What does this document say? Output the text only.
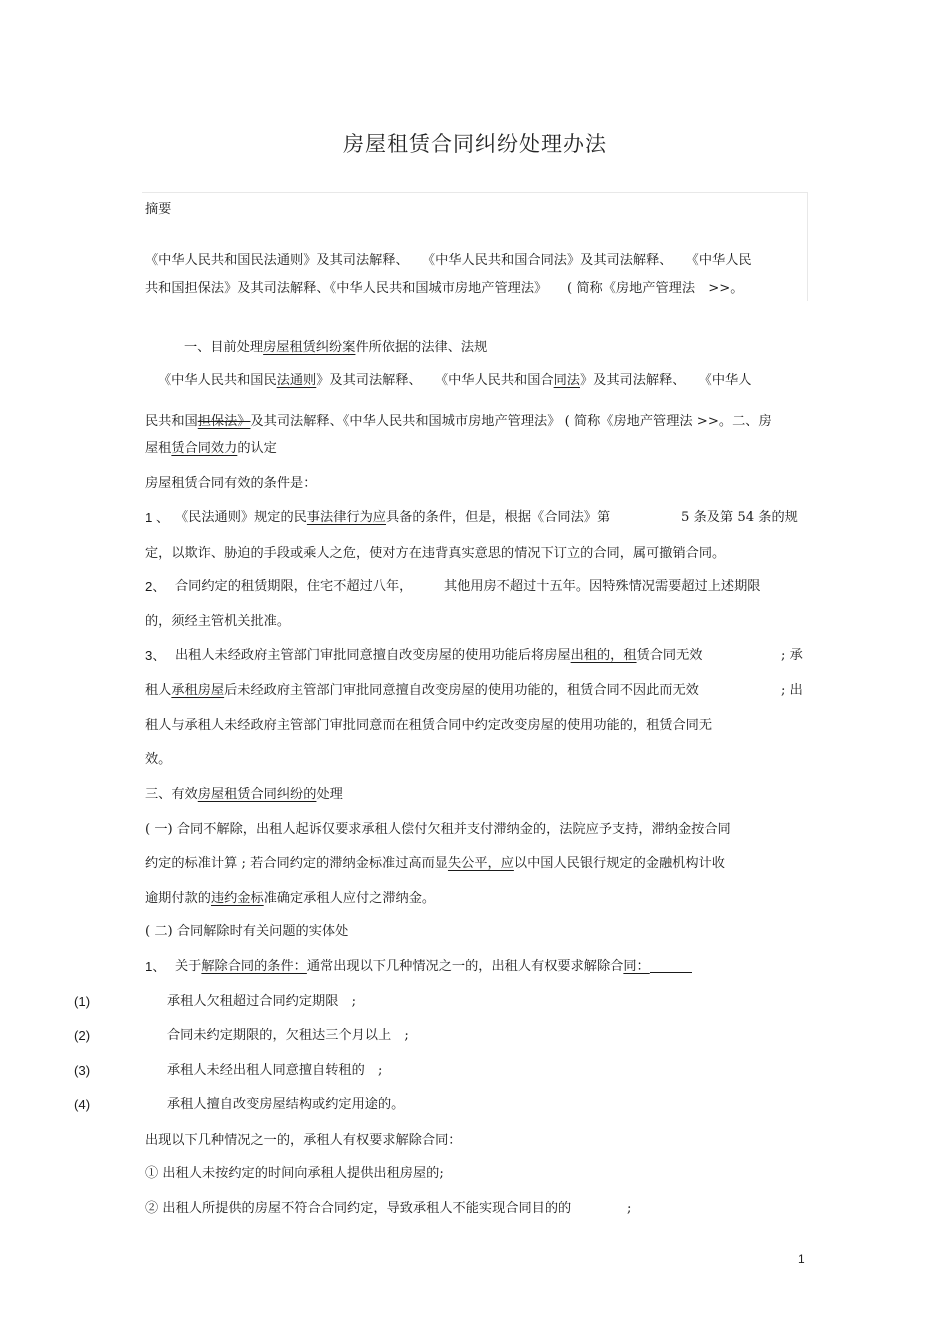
房屋租赁合同纠纷处理办法
摘要
《中华人民共和国民法通则》及其司法解释、　　《中华人民共和国合同法》及其司法解释、　　《中华人民
共和国担保法》及其司法解释、《中华人民共和国城市房地产管理法》　　( 简称《房地产管理法　>>。
一、目前处理房屋租赁纠纷案件所依据的法律、法规
《中华人民共和国民法通则》及其司法解释、　　《中华人民共和国合同法》及其司法解释、　　《中华人
民共和国担保法》及其司法解释、《中华人民共和国城市房地产管理法》 ( 简称《房地产管理法 >>。二、房
屋租赁合同效力的认定
房屋租赁合同有效的条件是：
1 、 《民法通则》规定的民事法律行为应具备的条件，但是，根据《合同法》第	5 条及第 54 条的规
定，以欺诈、胁迫的手段或乘人之危，使对方在违背真实意思的情况下订立的合同，属可撤销合同。
2、 合同约定的租赁期限，住宅不超过八年， 其他用房不超过十五年。因特殊情况需要超过上述期限
的，须经主管机关批准。
3、 出租人未经政府主管部门审批同意擅自改变房屋的使用功能后将房屋出租的，租赁合同无效	; 承
租人承租房屋后未经政府主管部门审批同意擅自改变房屋的使用功能的，租赁合同不因此而无效	; 出
租人与承租人未经政府主管部门审批同意而在租赁合同中约定改变房屋的使用功能的，租赁合同无
效。
三、有效房屋租赁合同纠纷的处理
( 一) 合同不解除，出租人起诉仅要求承租人偿付欠租并支付滞纳金的，法院应予支持，滞纳金按合同
约定的标准计算 ; 若合同约定的滞纳金标准过高而显失公平，应以中国人民银行规定的金融机构计收
逾期付款的违约金标准确定承租人应付之滞纳金。
( 二) 合同解除时有关问题的实体处
1、 关于解除合同的条件：通常出现以下几种情况之一的，出租人有权要求解除合同：
(1)	承租人欠租超过合同约定期限　;
(2)	合同未约定期限的，欠租达三个月以上　;
(3)	承租人未经出租人同意擅自转租的　;
(4)	承租人擅自改变房屋结构或约定用途的。
出现以下几种情况之一的，承租人有权要求解除合同：
① 出租人未按约定的时间向承租人提供出租房屋的;
② 出租人所提供的房屋不符合合同约定，导致承租人不能实现合同目的的	;
1
